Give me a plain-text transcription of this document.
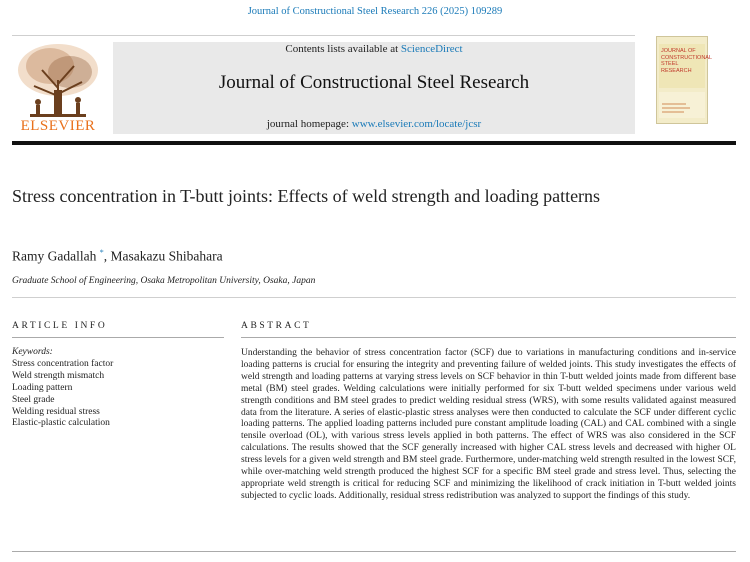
Journal of Constructional Steel Research 226 (2025) 109289
ELSEVIER
Contents lists available at ScienceDirect
Journal of Constructional Steel Research
journal homepage: www.elsevier.com/locate/jcsr
JOURNAL OF
CONSTRUCTIONAL
STEEL RESEARCH
Stress concentration in T-butt joints: Effects of weld strength and loading patterns
Ramy Gadallah *, Masakazu Shibahara
Graduate School of Engineering, Osaka Metropolitan University, Osaka, Japan
ARTICLE INFO	ABSTRACT
Keywords:
Stress concentration factor
Weld strength mismatch
Loading pattern
Steel grade
Welding residual stress
Elastic-plastic calculation
Understanding the behavior of stress concentration factor (SCF) due to variations in manufacturing conditions and in-service loading patterns is crucial for ensuring the integrity and preventing failure of welded joints. This study investigates the effects of weld strength and loading patterns at varying stress levels on SCF behavior in thin T-butt welded joints made from different base metal (BM) steel grades. Welding calculations were initially performed for six T-butt welded specimens under various weld strength conditions and BM steel grades to predict welding residual stress (WRS), with some results validated against measured data from the literature. A series of elastic-plastic stress analyses were then conducted to calculate the SCF under different cyclic loading patterns. The applied loading patterns included pure constant amplitude loading (CAL) and CAL combined with a single tensile overload (OL), with various stress levels applied in both patterns. The effect of WRS was also considered in the SCF calculations. The results showed that the SCF generally increased with higher CAL stress levels and decreased with higher OL stress levels for a given weld strength and BM steel grade. Furthermore, under-matching weld strength resulted in the lowest SCF, while over-matching weld strength produced the highest SCF for a specific BM steel grade and stress level. Thus, selecting the appropriate weld strength is critical for reducing SCF and minimizing the likelihood of crack initiation in T-butt welded joints subjected to cyclic loads. Additionally, residual stress redistribution was analyzed to support the findings of this study.
